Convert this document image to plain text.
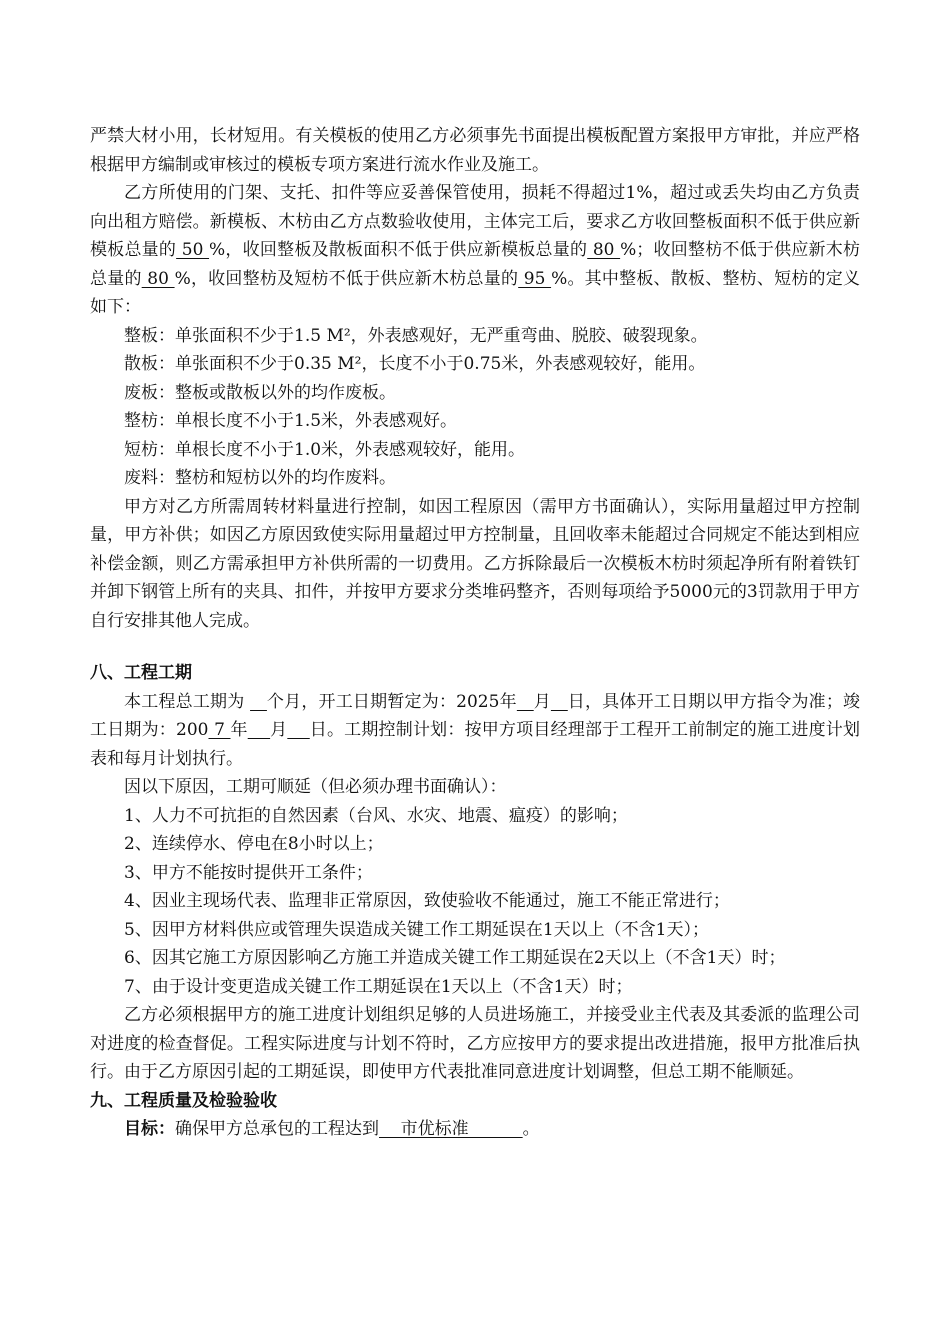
严禁大材小用，长材短用。有关模板的使用乙方必须事先书面提出模板配置方案报甲方审批，并应严格根据甲方编制或审核过的模板专项方案进行流水作业及施工。

乙方所使用的门架、支托、扣件等应妥善保管使用，损耗不得超过1%，超过或丢失均由乙方负责向出租方赔偿。新模板、木枋由乙方点数验收使用，主体完工后，要求乙方收回整板面积不低于供应新模板总量的 50 %，收回整板及散板面积不低于供应新模板总量的 80 %；收回整枋不低于供应新木枋总量的 80 %，收回整枋及短枋不低于供应新木枋总量的 95 %。其中整板、散板、整枋、短枋的定义如下：

整板：单张面积不少于1.5 M²，外表感观好，无严重弯曲、脱胶、破裂现象。

散板：单张面积不少于0.35 M²，长度不小于0.75米，外表感观较好，能用。

废板：整板或散板以外的均作废板。

整枋：单根长度不小于1.5米，外表感观好。

短枋：单根长度不小于1.0米，外表感观较好，能用。

废料：整枋和短枋以外的均作废料。

甲方对乙方所需周转材料量进行控制，如因工程原因（需甲方书面确认），实际用量超过甲方控制量，甲方补供；如因乙方原因致使实际用量超过甲方控制量，且回收率未能超过合同规定不能达到相应补偿金额，则乙方需承担甲方补供所需的一切费用。乙方拆除最后一次模板木枋时须起净所有附着铁钉并卸下钢管上所有的夹具、扣件，并按甲方要求分类堆码整齐，否则每项给予5000元的3罚款用于甲方自行安排其他人完成。

八、工程工期

本工程总工期为    个月，开工日期暂定为：2025年 月 日，具体开工日期以甲方指令为准；竣工日期为：200 7 年 月 日。工期控制计划：按甲方项目经理部于工程开工前制定的施工进度计划表和每月计划执行。

因以下原因，工期可顺延（但必须办理书面确认）：

1、人力不可抗拒的自然因素（台风、水灾、地震、瘟疫）的影响；

2、连续停水、停电在8小时以上；

3、甲方不能按时提供开工条件；

4、因业主现场代表、监理非正常原因，致使验收不能通过，施工不能正常进行；

5、因甲方材料供应或管理失误造成关键工作工期延误在1天以上（不含1天）；

6、因其它施工方原因影响乙方施工并造成关键工作工期延误在2天以上（不含1天）时；

7、由于设计变更造成关键工作工期延误在1天以上（不含1天）时；

乙方必须根据甲方的施工进度计划组织足够的人员进场施工，并接受业主代表及其委派的监理公司对进度的检查督促。工程实际进度与计划不符时，乙方应按甲方的要求提出改进措施，报甲方批准后执行。由于乙方原因引起的工期延误，即使甲方代表批准同意进度计划调整，但总工期不能顺延。

九、工程质量及检验验收

目标：确保甲方总承包的工程达到    市优标准          。
